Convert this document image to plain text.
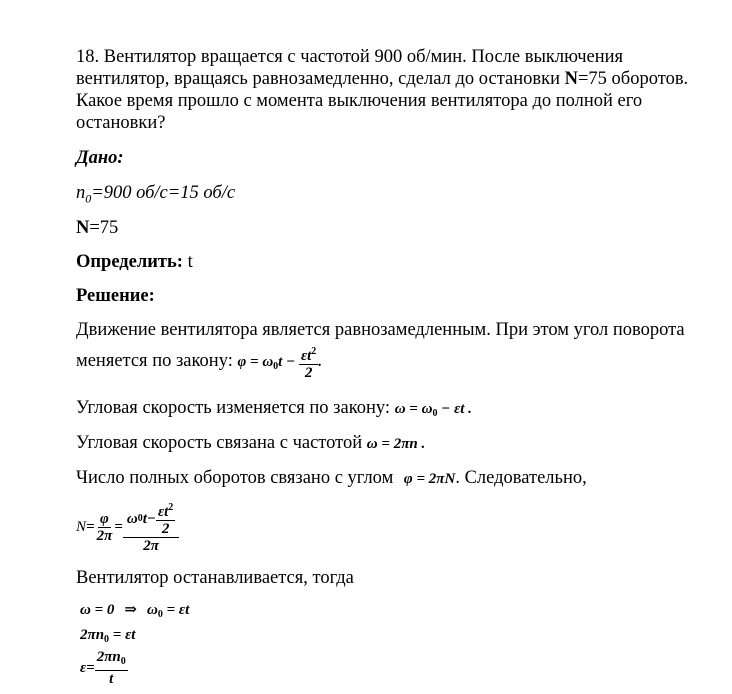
18. Вентилятор вращается с частотой 900 об/мин. После выключения
вентилятор, вращаясь равнозамедленно, сделал до остановки N=75 оборотов.
Какое время прошло с момента выключения вентилятора до полной его
остановки?
Дано:
$n_0=900$ об/с=15 об/с
N=75
Определить: t
Решение:
Движение вентилятора является равнозамедленным. При этом угол поворота
меняется по закону: $\varphi = \omega_0t - \frac{\varepsilon t^2}{2}$ .
Угловая скорость изменяется по закону: $\omega = \omega_0 - \varepsilon t$ .
Угловая скорость связана с частотой ω = 2πn .
Число полных оборотов связано с углом φ = 2πN. Следовательно,
$N = \frac{\varphi}{2\pi} = \frac{\omega 0 t - \frac{\varepsilon t^2}{2}}{2\pi}$
Вентилятор останавливается, тогда
ω = 0 ⇒ $\omega_0 = \varepsilon t$
$2\pi n_0 = \varepsilon t$
$\varepsilon = \frac{2\pi n_0}{t}$
